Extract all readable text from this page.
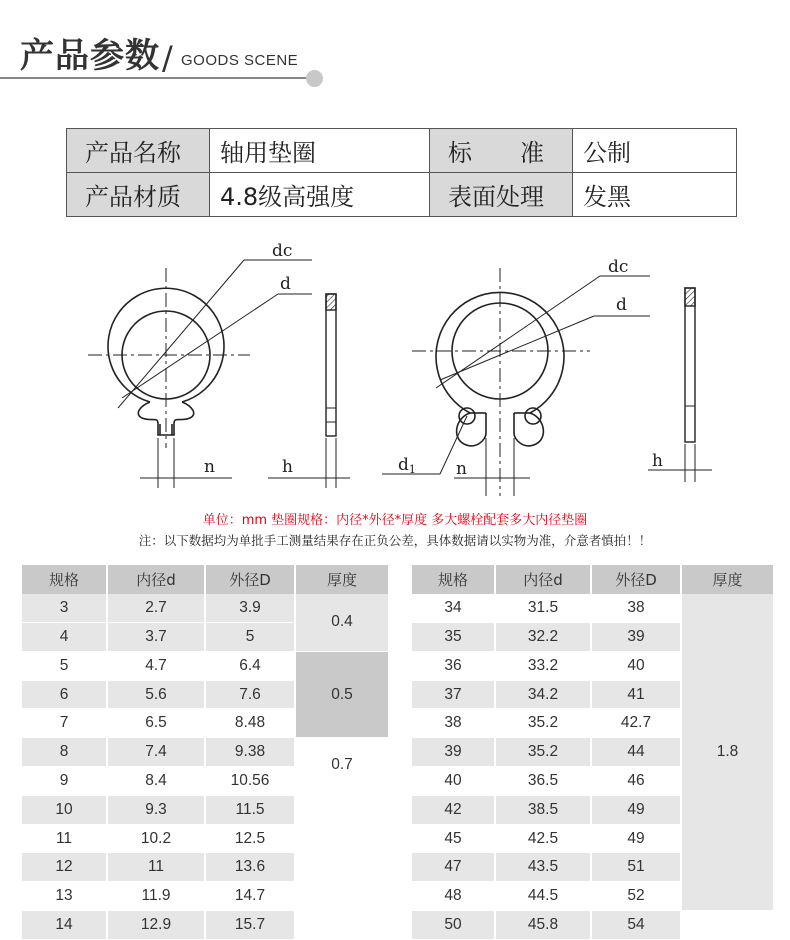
产品参数 / GOODS SCENE
产品名称	轴用垫圈	标　　准	公制
产品材质	4.8级高强度	表面处理	发黑
dc
d
n	h
dc
d
d1 n	h
单位：mm 垫圈规格：内径*外径*厚度 多大螺栓配套多大内径垫圈
注：以下数据均为单批手工测量结果存在正负公差，具体数据请以实物为准，介意者慎拍！！
规格		内径d		外径D		厚度
3		2.7		3.9		0.4
4		3.7		5		
5		4.7		6.4		0.5
6		5.6		7.6		
7		6.5		8.48		
8		7.4		9.38		0.7
9		8.4		10.56		
10		9.3		11.5		
11		10.2		12.5		
12		11		13.6		
13		11.9		14.7		
14		12.9		15.7		
规格		内径d		外径D		厚度
34		31.5		38		1.8
35		32.2		39		
36		33.2		40		
37		34.2		41		
38		35.2		42.7		
39		35.2		44		
40		36.5		46		
42		38.5		49		
45		42.5		49		
47		43.5		51		
48		44.5		52		
50		45.8		54		
